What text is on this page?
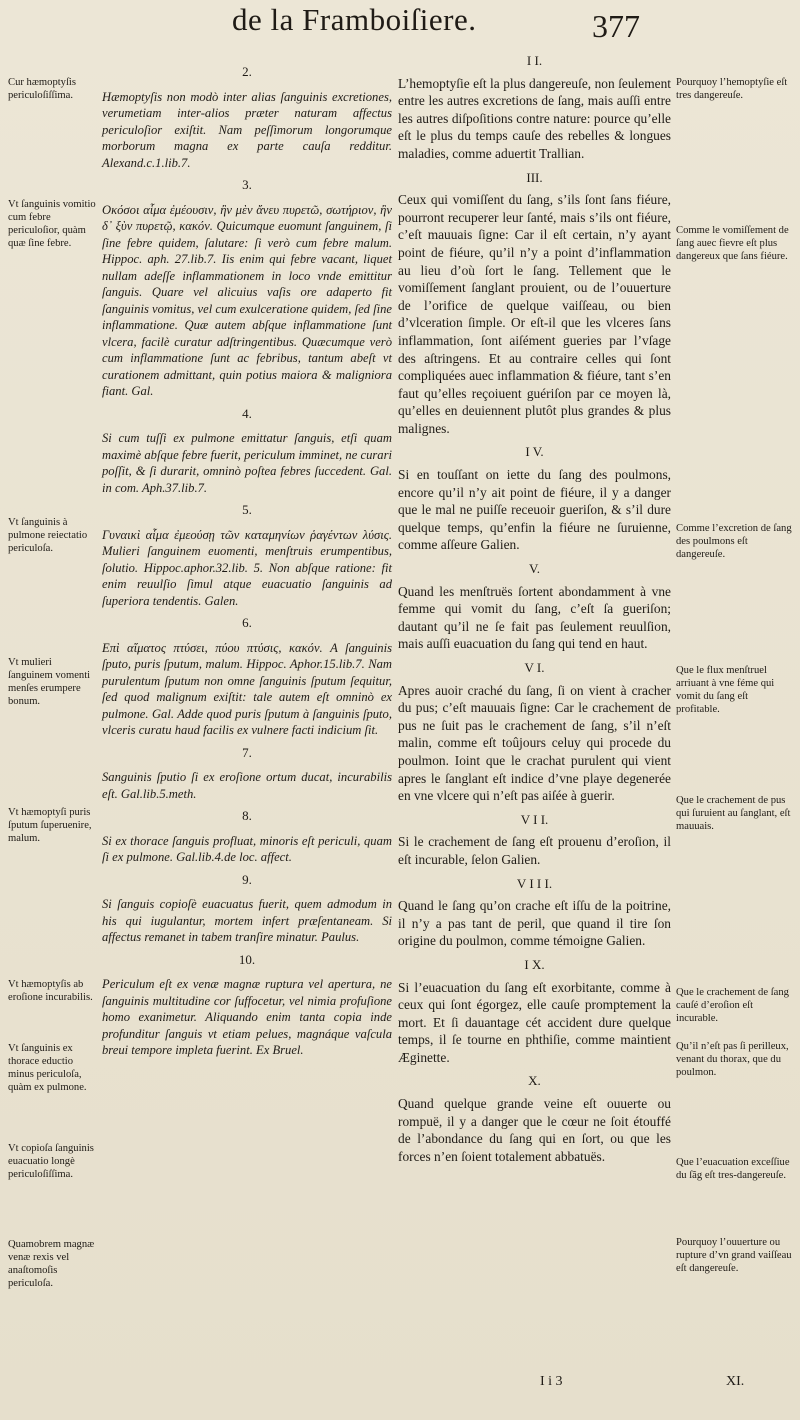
de la Framboiſiere.	377
Cur hæmoptyſis periculoſiſſima.
Vt ſanguinis vomitio cum febre periculoſior, quàm quæ ſine febre.
Vt ſanguinis à pulmone reiectatio periculoſa.
Vt mulieri ſanguinem vomenti menſes erumpere bonum.
Vt hæmoptyſi puris ſputum ſuperuenire, malum.
Vt hæmoptyſis ab eroſione incurabilis.
Vt ſanguinis ex thorace eductio minus periculoſa, quàm ex pulmone.
Vt copioſa ſanguinis euacuatio longè periculoſiſſima.
Quamobrem magnæ venæ rexis vel anaſtomoſis periculoſa.
2.

Hæmoptyſis non modò inter alias ſanguinis excretiones, verumetiam inter-alios præter naturam affectus periculoſior exiſtit. Nam peſſimorum longorumque morborum magna ex parte cauſa redditur. Alexand.c.1.lib.7.

3.

Οκόσοι αἷμα ἐμέουσιν, ἢν μὲν ἄνευ πυρετῶ, σωτήριον, ἢν δ᾽ ξὺν πυρετῷ, κακόν. Quicumque euomunt ſanguinem, ſi ſine febre quidem, ſalutare: ſi verò cum febre malum. Hippoc. aph. 27.lib.7. Iis enim qui febre vacant, liquet nullam adeſſe inflammationem in loco vnde emittitur ſanguis. Quare vel alicuius vaſis ore adaperto fit ſanguinis vomitus, vel cum exulceratione quidem, ſed ſine inflammatione. Quæ autem abſque inflammatione ſunt vlcera, facilè curatur adſtringentibus. Quæcumque verò cum inflammatione ſunt ac febribus, tantum abeſt vt curationem admittant, quin potius maiora & maligniora fiant. Gal.

4.

Si cum tuſſi ex pulmone emittatur ſanguis, etſi quam maximè abſque febre fuerit, periculum imminet, ne curari poſſit, & ſi durarit, omninò poſtea febres ſuccedent. Gal. in com. Aph.37.lib.7.

5.

Γυναικὶ αἷμα ἐμεούσῃ τῶν καταμηνίων ῥαγέντων λύσις. Mulieri ſanguinem euomenti, menſtruis erumpentibus, ſolutio. Hippoc.aphor.32.lib. 5. Non abſque ratione: fit enim reuulſio ſimul atque euacuatio ſanguinis ad ſuperiora tendentis. Galen.

6.

Επὶ αἵματος πτύσει, πύου πτύσις, κακόν. A ſanguinis ſputo, puris ſputum, malum. Hippoc. Aphor.15.lib.7. Nam purulentum ſputum non omne ſanguinis ſputum ſequitur, ſed quod malignum exiſtit: tale autem eſt omninò ex pulmone. Gal. Adde quod puris ſputum à ſanguinis ſputo, vlceris curatu haud facilis ex vulnere facti indicium ſit.

7.

Sanguinis ſputio ſi ex eroſione ortum ducat, incurabilis eſt. Gal.lib.5.meth.

8.

Si ex thorace ſanguis profluat, minoris eſt periculi, quam ſi ex pulmone. Gal.lib.4.de loc. affect.

9.

Si ſanguis copioſè euacuatus fuerit, quem admodum in his qui iugulantur, mortem infert præſentaneam. Si affectus remanet in tabem tranſire minatur. Paulus.

10.

Periculum eſt ex venæ magnæ ruptura vel apertura, ne ſanguinis multitudine cor ſuffocetur, vel nimia profuſione homo exanimetur. Aliquando enim tanta copia inde profunditur ſanguis vt etiam pelues, magnáque vaſcula breui tempore impleta fuerint. Ex Bruel.

I I.

L’hemoptyſie eſt la plus dangereuſe, non ſeulement entre les autres excretions de ſang, mais auſſi entre les autres diſpoſitions contre nature: pource qu’elle eſt le plus du temps cauſe des rebelles & longues maladies, comme aduertit Trallian.

III.

Ceux qui vomiſſent du ſang, s’ils ſont ſans fiéure, pourront recuperer leur ſanté, mais s’ils ont fiéure, c’eſt mauuais ſigne: Car il eſt certain, n’y ayant point de fiéure, qu’il n’y a point d’inflammation au lieu d’où ſort le ſang. Tellement que le vomiſſement ſanglant prouient, ou de l’ouuerture de l’orifice de quelque vaiſſeau, ou bien d’vlceration ſimple. Or eſt-il que les vlceres ſans inflammation, ſont aiſément gueries par l’vſage des aſtringens. Et au contraire celles qui ſont compliquées auec inflammation & fiéure, tant s’en faut qu’elles reçoiuent guériſon par ce moyen là, qu’elles en deuiennent plutôt plus grandes & plus malignes.

I V.

Si en touſſant on iette du ſang des poulmons, encore qu’il n’y ait point de fiéure, il y a danger que le mal ne puiſſe receuoir gueriſon, & s’il dure quelque temps, qu’enfin la fiéure ne ſuruienne, comme aſſeure Galien.

V.

Quand les menſtruës ſortent abondamment à vne femme qui vomit du ſang, c’eſt ſa gueriſon; dautant qu’il ne ſe fait pas ſeulement reuulſion, mais auſſi euacuation du ſang qui tend en haut.

V I.

Apres auoir craché du ſang, ſi on vient à cracher du pus; c’eſt mauuais ſigne: Car le crachement de pus ne ſuit pas le crachement de ſang, s’il n’eſt malin, comme eſt toûjours celuy qui procede du poulmon. Ioint que le crachat purulent qui vient apres le ſanglant eſt indice d’vne playe degenerée en vne vlcere qui n’eſt pas aiſée à guerir.

V I I.

Si le crachement de ſang eſt prouenu d’eroſion, il eſt incurable, ſelon Galien.

V I I I.

Quand le ſang qu’on crache eſt iſſu de la poitrine, il n’y a pas tant de peril, que quand il tire ſon origine du poulmon, comme témoigne Galien.

I X.

Si l’euacuation du ſang eſt exorbitante, comme à ceux qui ſont égorgez, elle cauſe promptement la mort. Et ſi dauantage cét accident dure quelque temps, il ſe tourne en phthiſie, comme maintient Æginette.

X.

Quand quelque grande veine eſt ouuerte ou rompuë, il y a danger que le cœur ne ſoit étouffé de l’abondance du ſang qui en ſort, ou que les forces n’en ſoient totalement abbatuës.

Pourquoy l’hemoptyſie eſt tres dangereuſe.
Comme le vomiſſement de ſang auec fievre eſt plus dangereux que ſans fiéure.
Comme l’excretion de ſang des poulmons eſt dangereuſe.
Que le flux menſtruel arriuant à vne féme qui vomit du ſang eſt profitable.
Que le crachement de pus qui ſuruient au ſanglant, eſt mauuais.
Que le crachement de ſang cauſé d’eroſion eſt incurable.
Qu’il n’eſt pas ſi perilleux, venant du thorax, que du poulmon.
Que l’euacuation exceſſiue du ſãg eſt tres-dangereuſe.
Pourquoy l’ouuerture ou rupture d’vn grand vaiſſeau eſt dangereuſe.
I i 3	XI.
